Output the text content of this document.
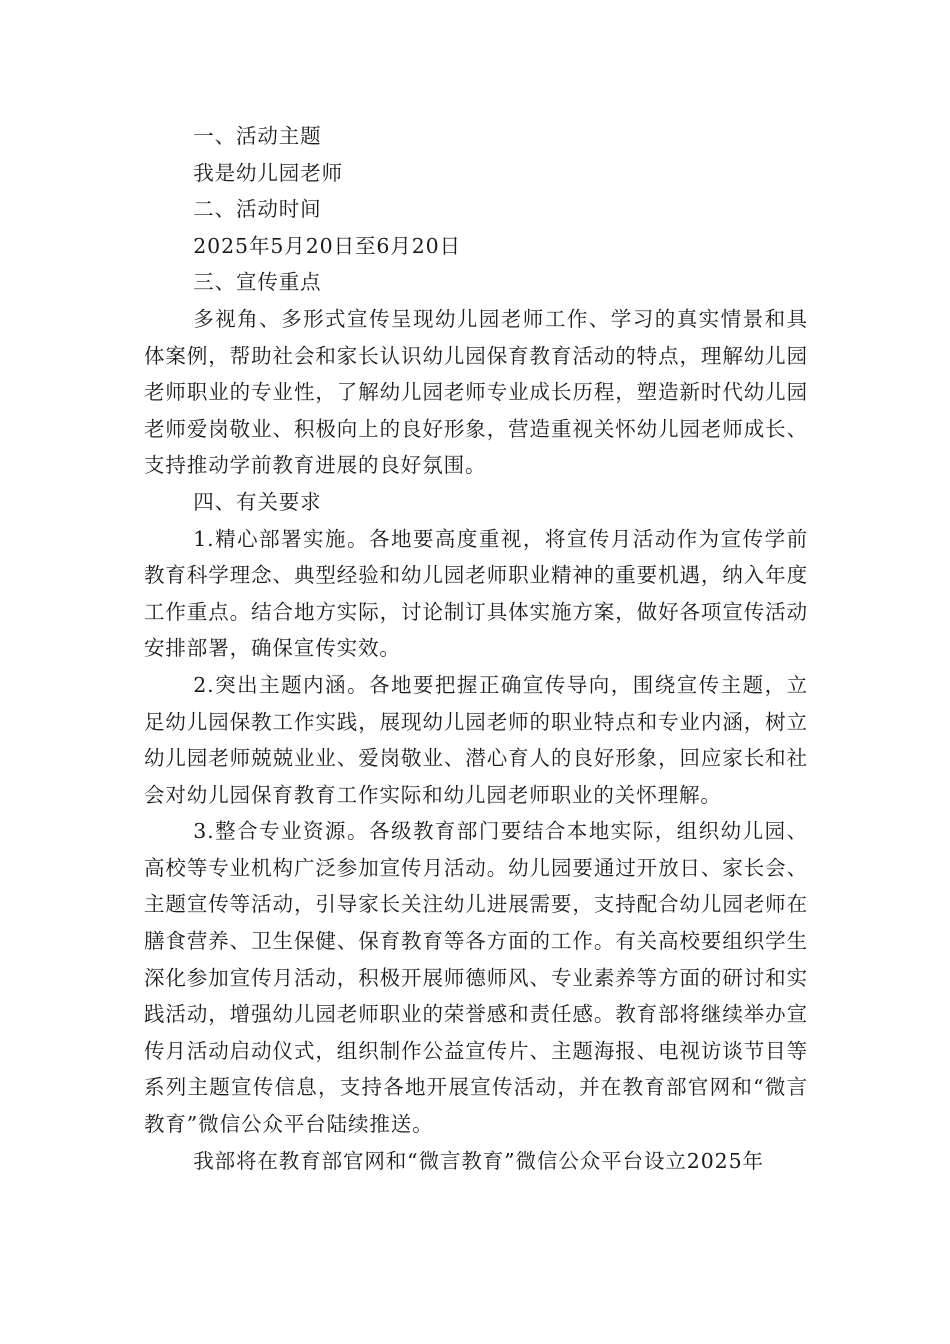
一、活动主题

我是幼儿园老师

二、活动时间

2025年5月20日至6月20日

三、宣传重点

多视角、多形式宣传呈现幼儿园老师工作、学习的真实情景和具体案例，帮助社会和家长认识幼儿园保育教育活动的特点，理解幼儿园老师职业的专业性，了解幼儿园老师专业成长历程，塑造新时代幼儿园老师爱岗敬业、积极向上的良好形象，营造重视关怀幼儿园老师成长、支持推动学前教育进展的良好氛围。

四、有关要求

1.精心部署实施。各地要高度重视，将宣传月活动作为宣传学前教育科学理念、典型经验和幼儿园老师职业精神的重要机遇，纳入年度工作重点。结合地方实际，讨论制订具体实施方案，做好各项宣传活动安排部署，确保宣传实效。

2.突出主题内涵。各地要把握正确宣传导向，围绕宣传主题，立足幼儿园保教工作实践，展现幼儿园老师的职业特点和专业内涵，树立幼儿园老师兢兢业业、爱岗敬业、潜心育人的良好形象，回应家长和社会对幼儿园保育教育工作实际和幼儿园老师职业的关怀理解。

3.整合专业资源。各级教育部门要结合本地实际，组织幼儿园、高校等专业机构广泛参加宣传月活动。幼儿园要通过开放日、家长会、主题宣传等活动，引导家长关注幼儿进展需要，支持配合幼儿园老师在膳食营养、卫生保健、保育教育等各方面的工作。有关高校要组织学生深化参加宣传月活动，积极开展师德师风、专业素养等方面的研讨和实践活动，增强幼儿园老师职业的荣誉感和责任感。教育部将继续举办宣传月活动启动仪式，组织制作公益宣传片、主题海报、电视访谈节目等系列主题宣传信息，支持各地开展宣传活动，并在教育部官网和“微言教育”微信公众平台陆续推送。

我部将在教育部官网和“微言教育”微信公众平台设立2025年
